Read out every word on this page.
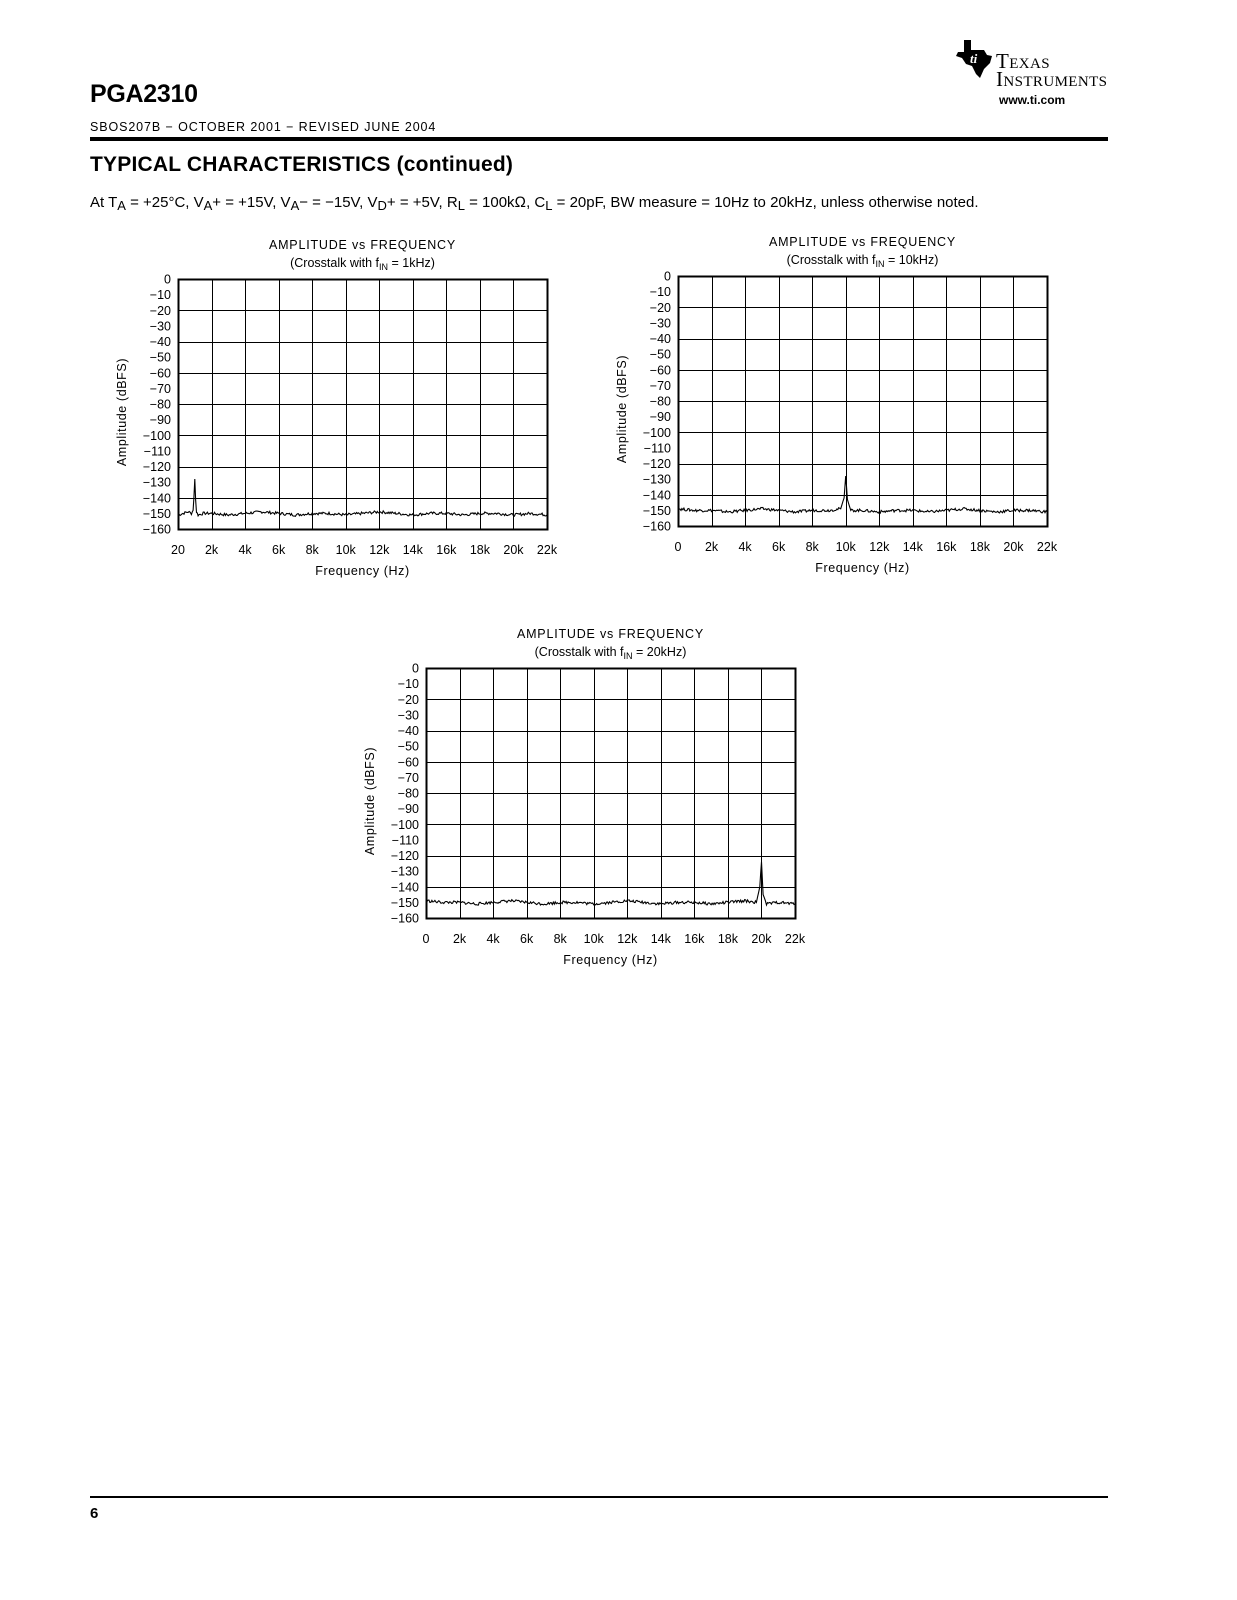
PGA2310
SBOS207B − OCTOBER 2001 − REVISED JUNE 2004
ti Texas
Instruments
www.ti.com
TYPICAL CHARACTERISTICS (continued)
At $T_A = +25^\circ C$, $V_A+ = +15V$, $V_A- = -15V$, $V_D+ = +5V$, $R_L$ = 100kΩ, $C_L = 20pF$, BW measure = 10Hz to 20kHz, unless otherwise noted.
AMPLITUDE vs FREQUENCY
(Crosstalk with $f_{IN} = 1kHz$)
0
−10
−20
−30
−40
−50
−60
−70
−80
−90
−100
−110
−120
−130
−140
−150
−160
20 2k 4k 6k 8k 10k 12k 14k 16k 18k 20k 22k
Frequency (Hz)
Amplitude (dBFS)
AMPLITUDE vs FREQUENCY
(Crosstalk with $f_{IN} = 10kHz$)
0
−10
−20
−30
−40
−50
−60
−70
−80
−90
−100
−110
−120
−130
−140
−150
−160
0 2k 4k 6k 8k 10k 12k 14k 16k 18k 20k 22k
Frequency (Hz)
Amplitude (dBFS)
AMPLITUDE vs FREQUENCY
(Crosstalk with $f_{IN} = 20kHz$)
0
−10
−20
−30
−40
−50
−60
−70
−80
−90
−100
−110
−120
−130
−140
−150
−160
0 2k 4k 6k 8k 10k 12k 14k 16k 18k 20k 22k
Frequency (Hz)
Amplitude (dBFS)
6
